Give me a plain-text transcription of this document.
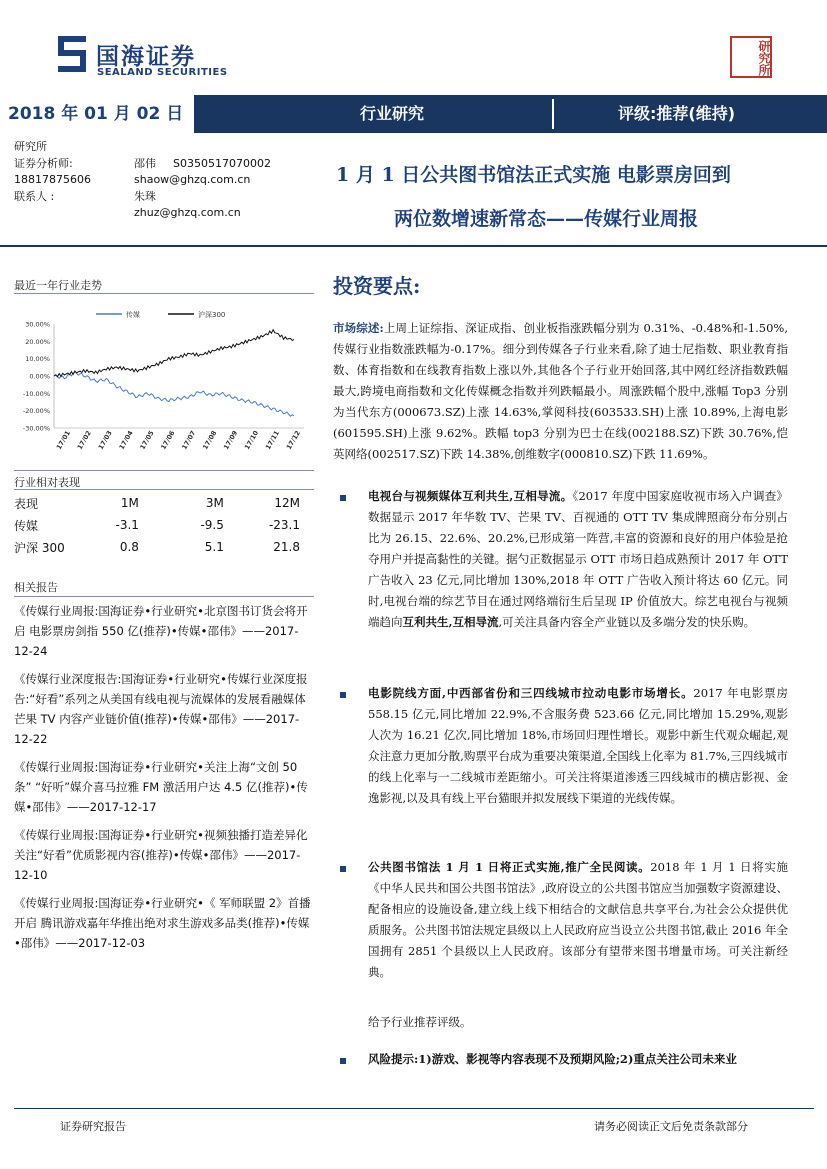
国海证券
SEALAND SECURITIES	研究所
2018 年 01 月 02 日	行业研究	评级:推荐(维持)
研究所
证券分析师:	邵伟 S0350517070002
18817875606	shaow@ghzq.com.cn
联系人 :	朱珠
zhuz@ghzq.com.cn
1 月 1 日公共图书馆法正式实施 电影票房回到
两位数增速新常态——传媒行业周报
最近一年行业走势
30.00%
20.00%
10.00%
0.00%
-10.00%
-20.00%
-30.00%
17/01 17/02 17/03 17/04 17/05 17/06 17/07 17/08 17/09 17/10 17/11 17/12
传媒	沪深300
行业相对表现
表现	1M	3M	12M
传媒	-3.1	-9.5	-23.1
沪深 300	0.8	5.1	21.8
相关报告

《传媒行业周报:国海证券•行业研究•北京图书订货会将开启 电影票房剑指 550 亿(推荐)•传媒•邵伟》——2017-12-24

《传媒行业深度报告:国海证券•行业研究•传媒行业深度报告:“好看”系列之从美国有线电视与流媒体的发展看融媒体芒果 TV 内容产业链价值(推荐)•传媒•邵伟》——2017-12-22

《传媒行业周报:国海证券•行业研究•关注上海“文创 50 条” “好听”媒介喜马拉雅 FM 激活用户达 4.5 亿(推荐)•传媒•邵伟》——2017-12-17

《传媒行业周报:国海证券•行业研究•视频独播打造差异化 关注“好看”优质影视内容(推荐)•传媒•邵伟》——2017-12-10

《传媒行业周报:国海证券•行业研究•《 军师联盟 2》首播开启 腾讯游戏嘉年华推出绝对求生游戏多品类(推荐)•传媒•邵伟》——2017-12-03

投资要点:
市场综述:上周上证综指、深证成指、创业板指涨跌幅分别为 0.31%、-0.48%和-1.50%,传媒行业指数涨跌幅为-0.17%。细分到传媒各子行业来看,除了迪士尼指数、职业教育指数、体育指数和在线教育指数上涨以外,其他各个子行业开始回落,其中网红经济指数跌幅最大,跨境电商指数和文化传媒概念指数并列跌幅最小。周涨跌幅个股中,涨幅 Top3 分别为当代东方(000673.SZ)上涨 14.63%,掌阅科技(603533.SH)上涨 10.89%,上海电影(601595.SH)上涨 9.62%。跌幅 top3 分别为巴士在线(002188.SZ)下跌 30.76%,恺英网络(002517.SZ)下跌 14.38%,创维数字(000810.SZ)下跌 11.69%。
电视台与视频媒体互利共生,互相导流。《2017 年度中国家庭收视市场入户调查》数据显示 2017 年华数 TV、芒果 TV、百视通的 OTT TV 集成牌照商分布分别占比为 26.15、22.6%、20.2%,已形成第一阵营,丰富的资源和良好的用户体验是抢夺用户并提高黏性的关键。据勺正数据显示 OTT 市场日趋成熟预计 2017 年 OTT 广告收入 23 亿元,同比增加 130%,2018 年 OTT 广告收入预计将达 60 亿元。同时,电视台端的综艺节目在通过网络端衍生后呈现 IP 价值放大。综艺电视台与视频端趋向互利共生,互相导流,可关注具备内容全产业链以及多端分发的快乐购。
电影院线方面,中西部省份和三四线城市拉动电影市场增长。2017 年电影票房 558.15 亿元,同比增加 22.9%,不含服务费 523.66 亿元,同比增加 15.29%,观影人次为 16.21 亿次,同比增加 18%,市场回归理性增长。观影中新生代观众崛起,观众注意力更加分散,购票平台成为重要决策渠道,全国线上化率为 81.7%,三四线城市的线上化率与一二线城市差距缩小。可关注将渠道渗透三四线城市的横店影视、金逸影视,以及具有线上平台猫眼并拟发展线下渠道的光线传媒。
公共图书馆法 1 月 1 日将正式实施,推广全民阅读。2018 年 1 月 1 日将实施《中华人民共和国公共图书馆法》,政府设立的公共图书馆应当加强数字资源建设、配备相应的设施设备,建立线上线下相结合的文献信息共享平台,为社会公众提供优质服务。公共图书馆法规定县级以上人民政府应当设立公共图书馆,截止 2016 年全国拥有 2851 个县级以上人民政府。该部分有望带来图书增量市场。可关注新经典。
给予行业推荐评级。
风险提示:1)游戏、影视等内容表现不及预期风险;2)重点关注公司未来业
证券研究报告	请务必阅读正文后免责条款部分
